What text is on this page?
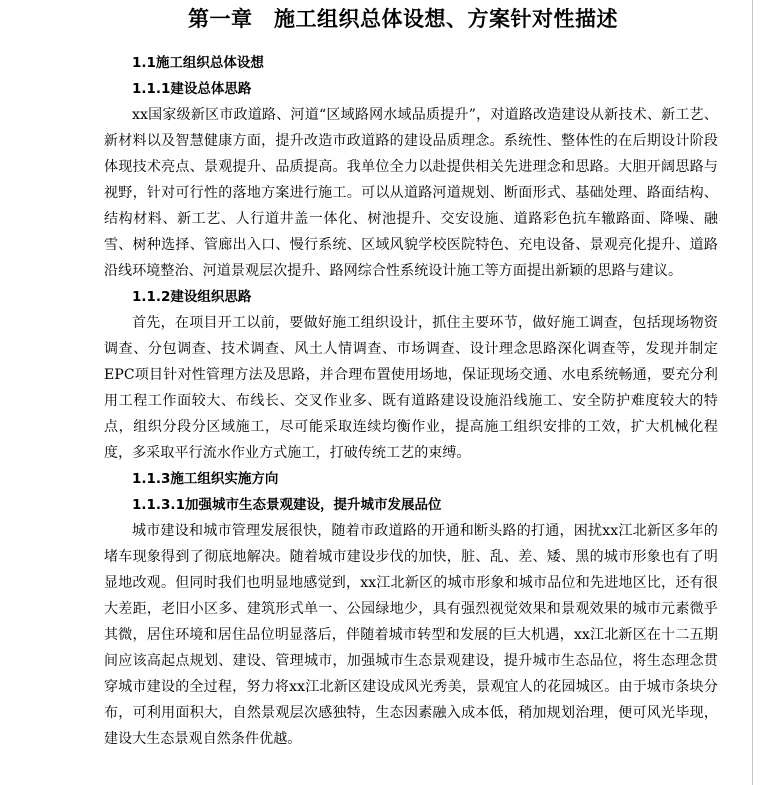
第一章　施工组织总体设想、方案针对性描述
1.1施工组织总体设想
1.1.1建设总体思路

xx国家级新区市政道路、河道“区域路网水域品质提升”，对道路改造建设从新技术、新工艺、新材料以及智慧健康方面，提升改造市政道路的建设品质理念。系统性、整体性的在后期设计阶段体现技术亮点、景观提升、品质提高。我单位全力以赴提供相关先进理念和思路。大胆开阔思路与视野，针对可行性的落地方案进行施工。可以从道路河道规划、断面形式、基础处理、路面结构、结构材料、新工艺、人行道井盖一体化、树池提升、交安设施、道路彩色抗车辙路面、降噪、融雪、树种选择、管廊出入口、慢行系统、区域风貌学校医院特色、充电设备、景观亮化提升、道路沿线环境整治、河道景观层次提升、路网综合性系统设计施工等方面提出新颖的思路与建议。

1.1.2建设组织思路

首先，在项目开工以前，要做好施工组织设计，抓住主要环节，做好施工调查，包括现场物资调查、分包调查、技术调查、风土人情调查、市场调查、设计理念思路深化调查等，发现并制定EPC项目针对性管理方法及思路，并合理布置使用场地，保证现场交通、水电系统畅通，要充分利用工程工作面较大、布线长、交叉作业多、既有道路建设设施沿线施工、安全防护难度较大的特点，组织分段分区域施工，尽可能采取连续均衡作业，提高施工组织安排的工效，扩大机械化程度，多采取平行流水作业方式施工，打破传统工艺的束缚。

1.1.3施工组织实施方向
1.1.3.1加强城市生态景观建设，提升城市发展品位

城市建设和城市管理发展很快，随着市政道路的开通和断头路的打通，困扰xx江北新区多年的堵车现象得到了彻底地解决。随着城市建设步伐的加快，脏、乱、差、矮、黑的城市形象也有了明显地改观。但同时我们也明显地感觉到，xx江北新区的城市形象和城市品位和先进地区比，还有很大差距，老旧小区多、建筑形式单一、公园绿地少，具有强烈视觉效果和景观效果的城市元素微乎其微，居住环境和居住品位明显落后，伴随着城市转型和发展的巨大机遇，xx江北新区在十二五期间应该高起点规划、建设、管理城市，加强城市生态景观建设，提升城市生态品位，将生态理念贯穿城市建设的全过程，努力将xx江北新区建设成风光秀美，景观宜人的花园城区。由于城市条块分布，可利用面积大，自然景观层次感独特，生态因素融入成本低，稍加规划治理，便可风光毕现，建设大生态景观自然条件优越。
